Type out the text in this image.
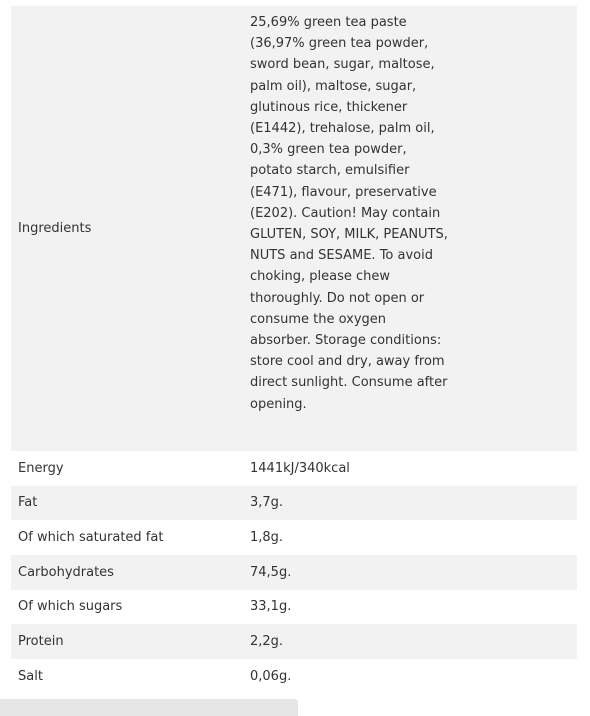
Ingredients	25,69% green tea paste (36,97% green tea powder, sword bean, sugar, maltose, palm oil), maltose, sugar, glutinous rice, thickener (E1442), trehalose, palm oil, 0,3% green tea powder, potato starch, emulsifier (E471), flavour, preservative (E202). Caution! May contain GLUTEN, SOY, MILK, PEANUTS, NUTS and SESAME. To avoid choking, please chew thoroughly. Do not open or consume the oxygen absorber. Storage conditions: store cool and dry, away from direct sunlight. Consume after opening.

Energy	1441kJ/340kcal
Fat	3,7g.
Of which saturated fat	1,8g.
Carbohydrates	74,5g.
Of which sugars	33,1g.
Protein	2,2g.
Salt	0,06g.
